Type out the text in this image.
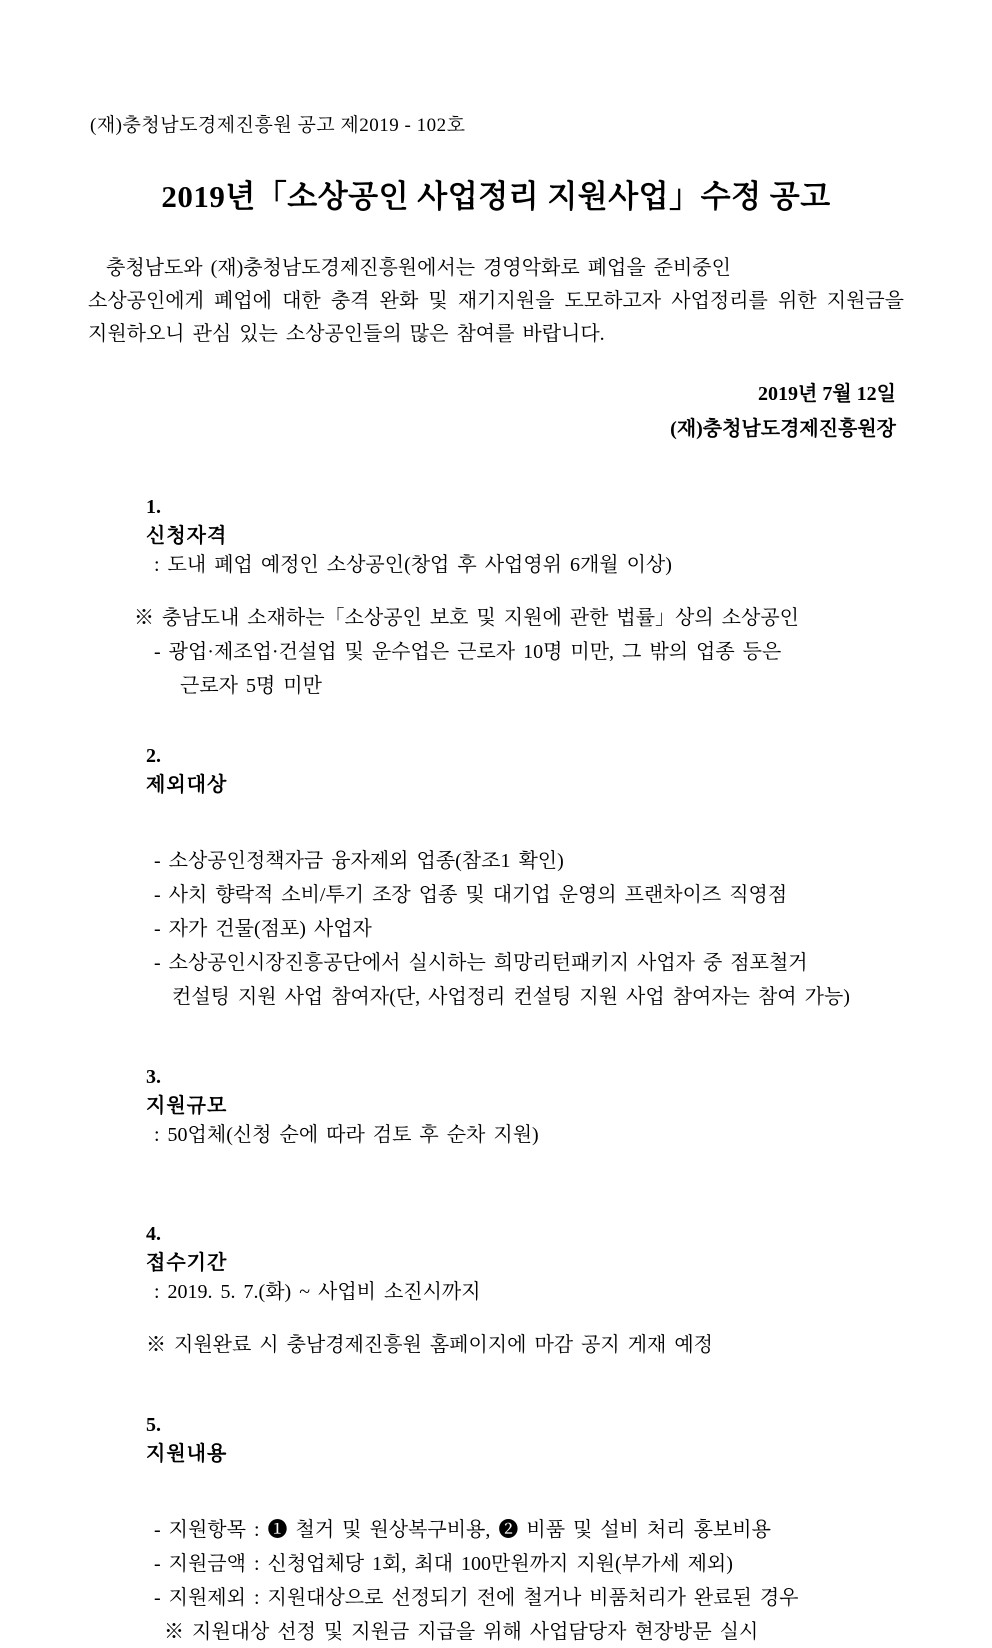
(재)충청남도경제진흥원 공고 제2019 - 102호
2019년「소상공인 사업정리 지원사업」수정 공고
충청남도와 (재)충청남도경제진흥원에서는 경영악화로 폐업을 준비중인
소상공인에게 폐업에 대한 충격 완화 및 재기지원을 도모하고자 사업정리를 위한 지원금을 지원하오니 관심 있는 소상공인들의 많은 참여를 바랍니다.
2019년 7월 12일
(재)충청남도경제진흥원장

1.
신청자격
: 도내 폐업 예정인 소상공인(창업 후 사업영위 6개월 이상)

※ 충남도내 소재하는「소상공인 보호 및 지원에 관한 법률」상의 소상공인
- 광업·제조업·건설업 및 운수업은 근로자 10명 미만, 그 밖의 업종 등은
근로자 5명 미만

2.
제외대상

- 소상공인정책자금 융자제외 업종(참조1 확인)
- 사치 향락적 소비/투기 조장 업종 및 대기업 운영의 프랜차이즈 직영점
- 자가 건물(점포) 사업자
- 소상공인시장진흥공단에서 실시하는 희망리턴패키지 사업자 중 점포철거
컨설팅 지원 사업 참여자(단, 사업정리 컨설팅 지원 사업 참여자는 참여 가능)

3.
지원규모
: 50업체(신청 순에 따라 검토 후 순차 지원)

4.
접수기간
: 2019. 5. 7.(화) ~ 사업비 소진시까지

※ 지원완료 시 충남경제진흥원 홈페이지에 마감 공지 게재 예정

5.
지원내용

- 지원항목 : ❶ 철거 및 원상복구비용, ❷ 비품 및 설비 처리 홍보비용
- 지원금액 : 신청업체당 1회, 최대 100만원까지 지원(부가세 제외)
- 지원제외 : 지원대상으로 선정되기 전에 철거나 비품처리가 완료된 경우
※ 지원대상 선정 및 지원금 지급을 위해 사업담당자 현장방문 실시
